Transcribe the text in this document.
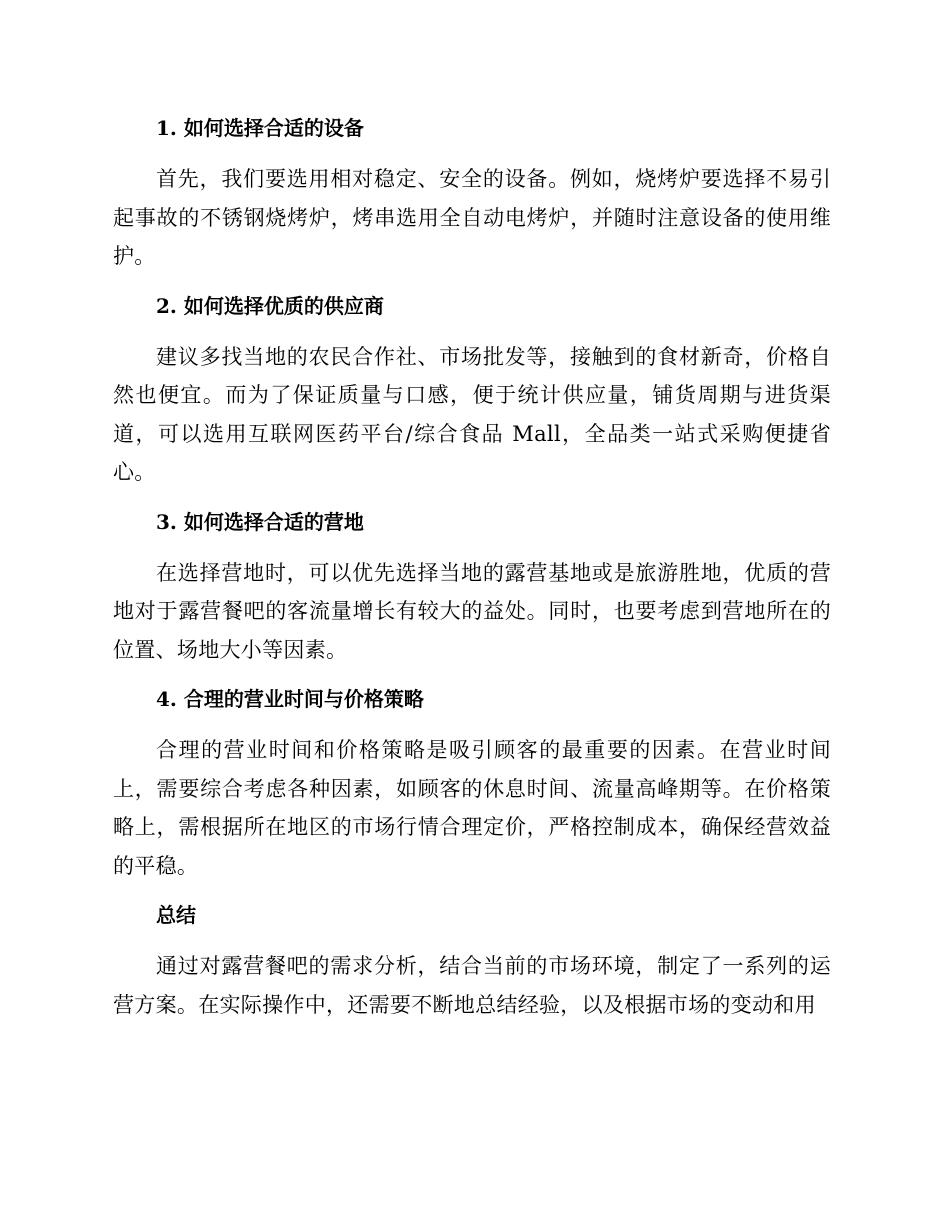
1. 如何选择合适的设备

首先，我们要选用相对稳定、安全的设备。例如，烧烤炉要选择不易引起事故的不锈钢烧烤炉，烤串选用全自动电烤炉，并随时注意设备的使用维护。

2. 如何选择优质的供应商

建议多找当地的农民合作社、市场批发等，接触到的食材新奇，价格自然也便宜。而为了保证质量与口感，便于统计供应量，铺货周期与进货渠道，可以选用互联网医药平台/综合食品 Mall，全品类一站式采购便捷省心。

3. 如何选择合适的营地

在选择营地时，可以优先选择当地的露营基地或是旅游胜地，优质的营地对于露营餐吧的客流量增长有较大的益处。同时，也要考虑到营地所在的位置、场地大小等因素。

4. 合理的营业时间与价格策略

合理的营业时间和价格策略是吸引顾客的最重要的因素。在营业时间上，需要综合考虑各种因素，如顾客的休息时间、流量高峰期等。在价格策略上，需根据所在地区的市场行情合理定价，严格控制成本，确保经营效益的平稳。

总结

通过对露营餐吧的需求分析，结合当前的市场环境，制定了一系列的运营方案。在实际操作中，还需要不断地总结经验，以及根据市场的变动和用
